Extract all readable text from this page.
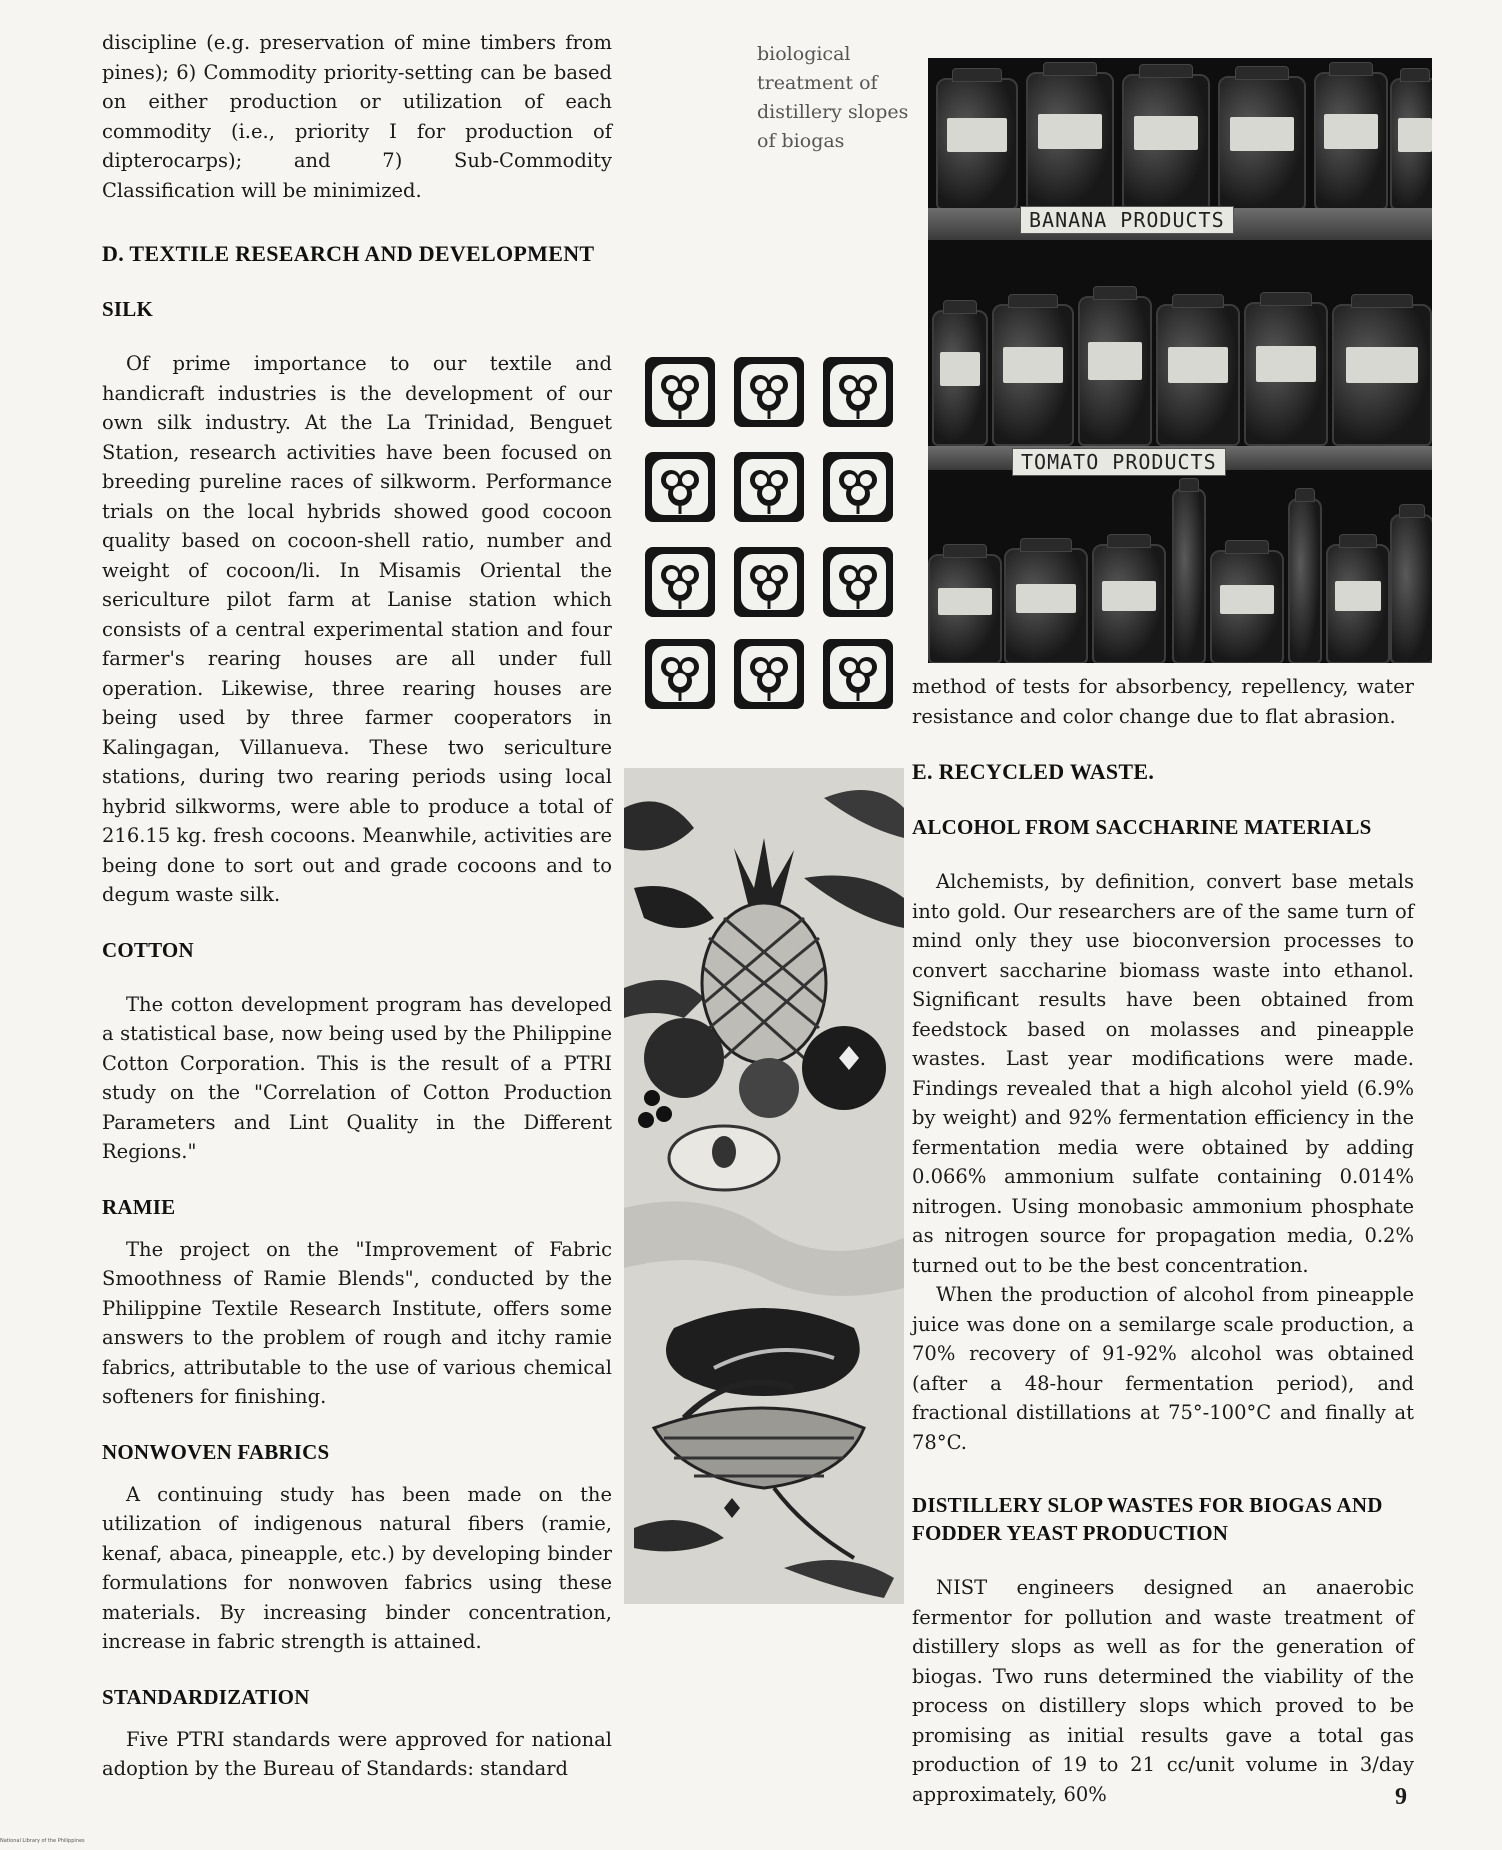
discipline (e.g. preservation of mine timbers from pines); 6) Commodity priority-setting can be based on either production or utilization of each commodity (i.e., priority I for production of dipterocarps); and 7) Sub-Commodity Classification will be minimized.

D. TEXTILE RESEARCH AND DEVELOPMENT
SILK

Of prime importance to our textile and handicraft industries is the development of our own silk industry. At the La Trinidad, Benguet Station, research activities have been focused on breeding pureline races of silkworm. Performance trials on the local hybrids showed good cocoon quality based on cocoon-shell ratio, number and weight of cocoon/li. In Misamis Oriental the sericulture pilot farm at Lanise station which consists of a central experimental station and four farmer's rearing houses are all under full operation. Likewise, three rearing houses are being used by three farmer cooperators in Kalingagan, Villanueva. These two sericulture stations, during two rearing periods using local hybrid silkworms, were able to produce a total of 216.15 kg. fresh cocoons. Meanwhile, activities are being done to sort out and grade cocoons and to degum waste silk.

COTTON

The cotton development program has developed a statistical base, now being used by the Philippine Cotton Corporation. This is the result of a PTRI study on the "Correlation of Cotton Production Parameters and Lint Quality in the Different Regions."

RAMIE

The project on the "Improvement of Fabric Smoothness of Ramie Blends", conducted by the Philippine Textile Research Institute, offers some answers to the problem of rough and itchy ramie fabrics, attributable to the use of various chemical softeners for finishing.

NONWOVEN FABRICS

A continuing study has been made on the utilization of indigenous natural fibers (ramie, kenaf, abaca, pineapple, etc.) by developing binder formulations for nonwoven fabrics using these materials. By increasing binder concentration, increase in fabric strength is attained.

STANDARDIZATION

Five PTRI standards were approved for national adoption by the Bureau of Standards: standard

biological treatment of distillery slopes of biogas
BANANA PRODUCTS
TOMATO PRODUCTS

method of tests for absorbency, repellency, water resistance and color change due to flat abrasion.

E. RECYCLED WASTE.
ALCOHOL FROM SACCHARINE MATERIALS

Alchemists, by definition, convert base metals into gold. Our researchers are of the same turn of mind only they use bioconversion processes to convert saccharine biomass waste into ethanol. Significant results have been obtained from feedstock based on molasses and pineapple wastes. Last year modifications were made. Findings revealed that a high alcohol yield (6.9% by weight) and 92% fermentation efficiency in the fermentation media were obtained by adding 0.066% ammonium sulfate containing 0.014% nitrogen. Using monobasic ammonium phosphate as nitrogen source for propagation media, 0.2% turned out to be the best concentration.

When the production of alcohol from pineapple juice was done on a semilarge scale production, a 70% recovery of 91-92% alcohol was obtained (after a 48-hour fermentation period), and fractional distillations at 75°-100°C and finally at 78°C.

DISTILLERY SLOP WASTES FOR BIOGAS AND FODDER YEAST PRODUCTION

NIST engineers designed an anaerobic fermentor for pollution and waste treatment of distillery slops as well as for the generation of biogas. Two runs determined the viability of the process on distillery slops which proved to be promising as initial results gave a total gas production of 19 to 21 cc/unit volume in 3/day approximately, 60%	9
National Library of the Philippines
